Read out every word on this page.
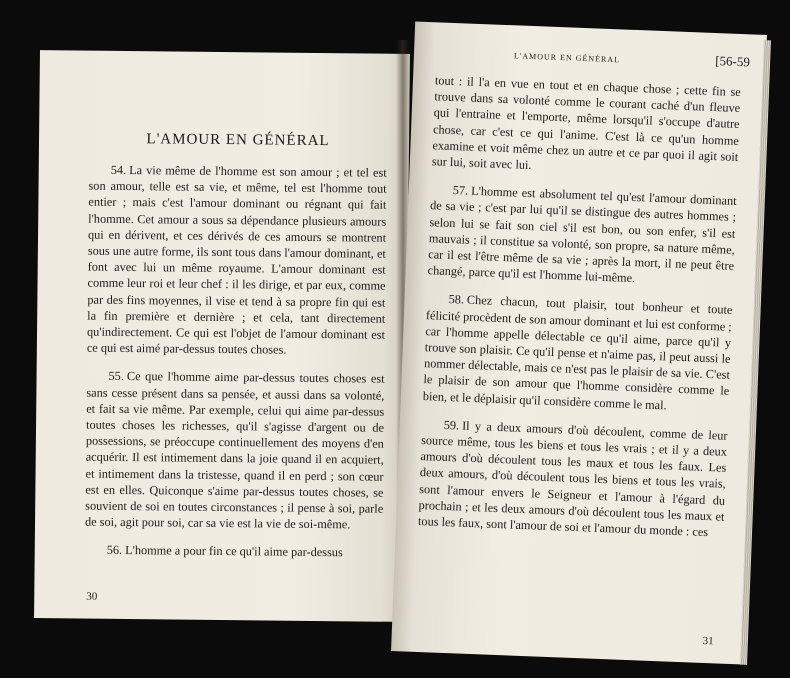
L'AMOUR EN GÉNÉRAL

54. La vie même de l'homme est son amour ; et tel est son amour, telle est sa vie, et même, tel est l'homme tout entier ; mais c'est l'amour dominant ou régnant qui fait l'homme. Cet amour a sous sa dépendance plusieurs amours qui en dérivent, et ces dérivés de ces amours se montrent sous une autre forme, ils sont tous dans l'amour dominant, et font avec lui un même royaume. L'amour dominant est comme leur roi et leur chef : il les dirige, et par eux, comme par des fins moyennes, il vise et tend à sa propre fin qui est la fin première et dernière ; et cela, tant directement qu'indirectement. Ce qui est l'objet de l'amour dominant est ce qui est aimé par-dessus toutes choses.

55. Ce que l'homme aime par-dessus toutes choses est sans cesse présent dans sa pensée, et aussi dans sa volonté, et fait sa vie même. Par exemple, celui qui aime par-dessus toutes choses les richesses, qu'il s'agisse d'argent ou de possessions, se préoccupe continuellement des moyens d'en acquérir. Il est intimement dans la joie quand il en acquiert, et intimement dans la tristesse, quand il en perd ; son cœur est en elles. Quiconque s'aime par-dessus toutes choses, se souvient de soi en toutes circonstances ; il pense à soi, parle de soi, agit pour soi, car sa vie est la vie de soi-même.

56. L'homme a pour fin ce qu'il aime par-dessus

30
L'AMOUR EN GÉNÉRAL	[56-59

tout : il l'a en vue en tout et en chaque chose ; cette fin se trouve dans sa volonté comme le courant caché d'un fleuve qui l'entraine et l'emporte, même lorsqu'il s'occupe d'autre chose, car c'est ce qui l'anime. C'est là ce qu'un homme examine et voit même chez un autre et ce par quoi il agit soit sur lui, soit avec lui.

57. L'homme est absolument tel qu'est l'amour dominant de sa vie ; c'est par lui qu'il se distingue des autres hommes ; selon lui se fait son ciel s'il est bon, ou son enfer, s'il est mauvais ; il constitue sa volonté, son propre, sa nature même, car il est l'être même de sa vie ; après la mort, il ne peut être changé, parce qu'il est l'homme lui-même.

58. Chez chacun, tout plaisir, tout bonheur et toute félicité procèdent de son amour dominant et lui est conforme ; car l'homme appelle délectable ce qu'il aime, parce qu'il y trouve son plaisir. Ce qu'il pense et n'aime pas, il peut aussi le nommer délectable, mais ce n'est pas le plaisir de sa vie. C'est le plaisir de son amour que l'homme considère comme le bien, et le déplaisir qu'il considère comme le mal.

59. Il y a deux amours d'où découlent, comme de leur source même, tous les biens et tous les vrais ; et il y a deux amours d'où découlent tous les maux et tous les faux. Les deux amours, d'où découlent tous les biens et tous les vrais, sont l'amour envers le Seigneur et l'amour à l'égard du prochain ; et les deux amours d'où découlent tous les maux et tous les faux, sont l'amour de soi et l'amour du monde : ces

31
